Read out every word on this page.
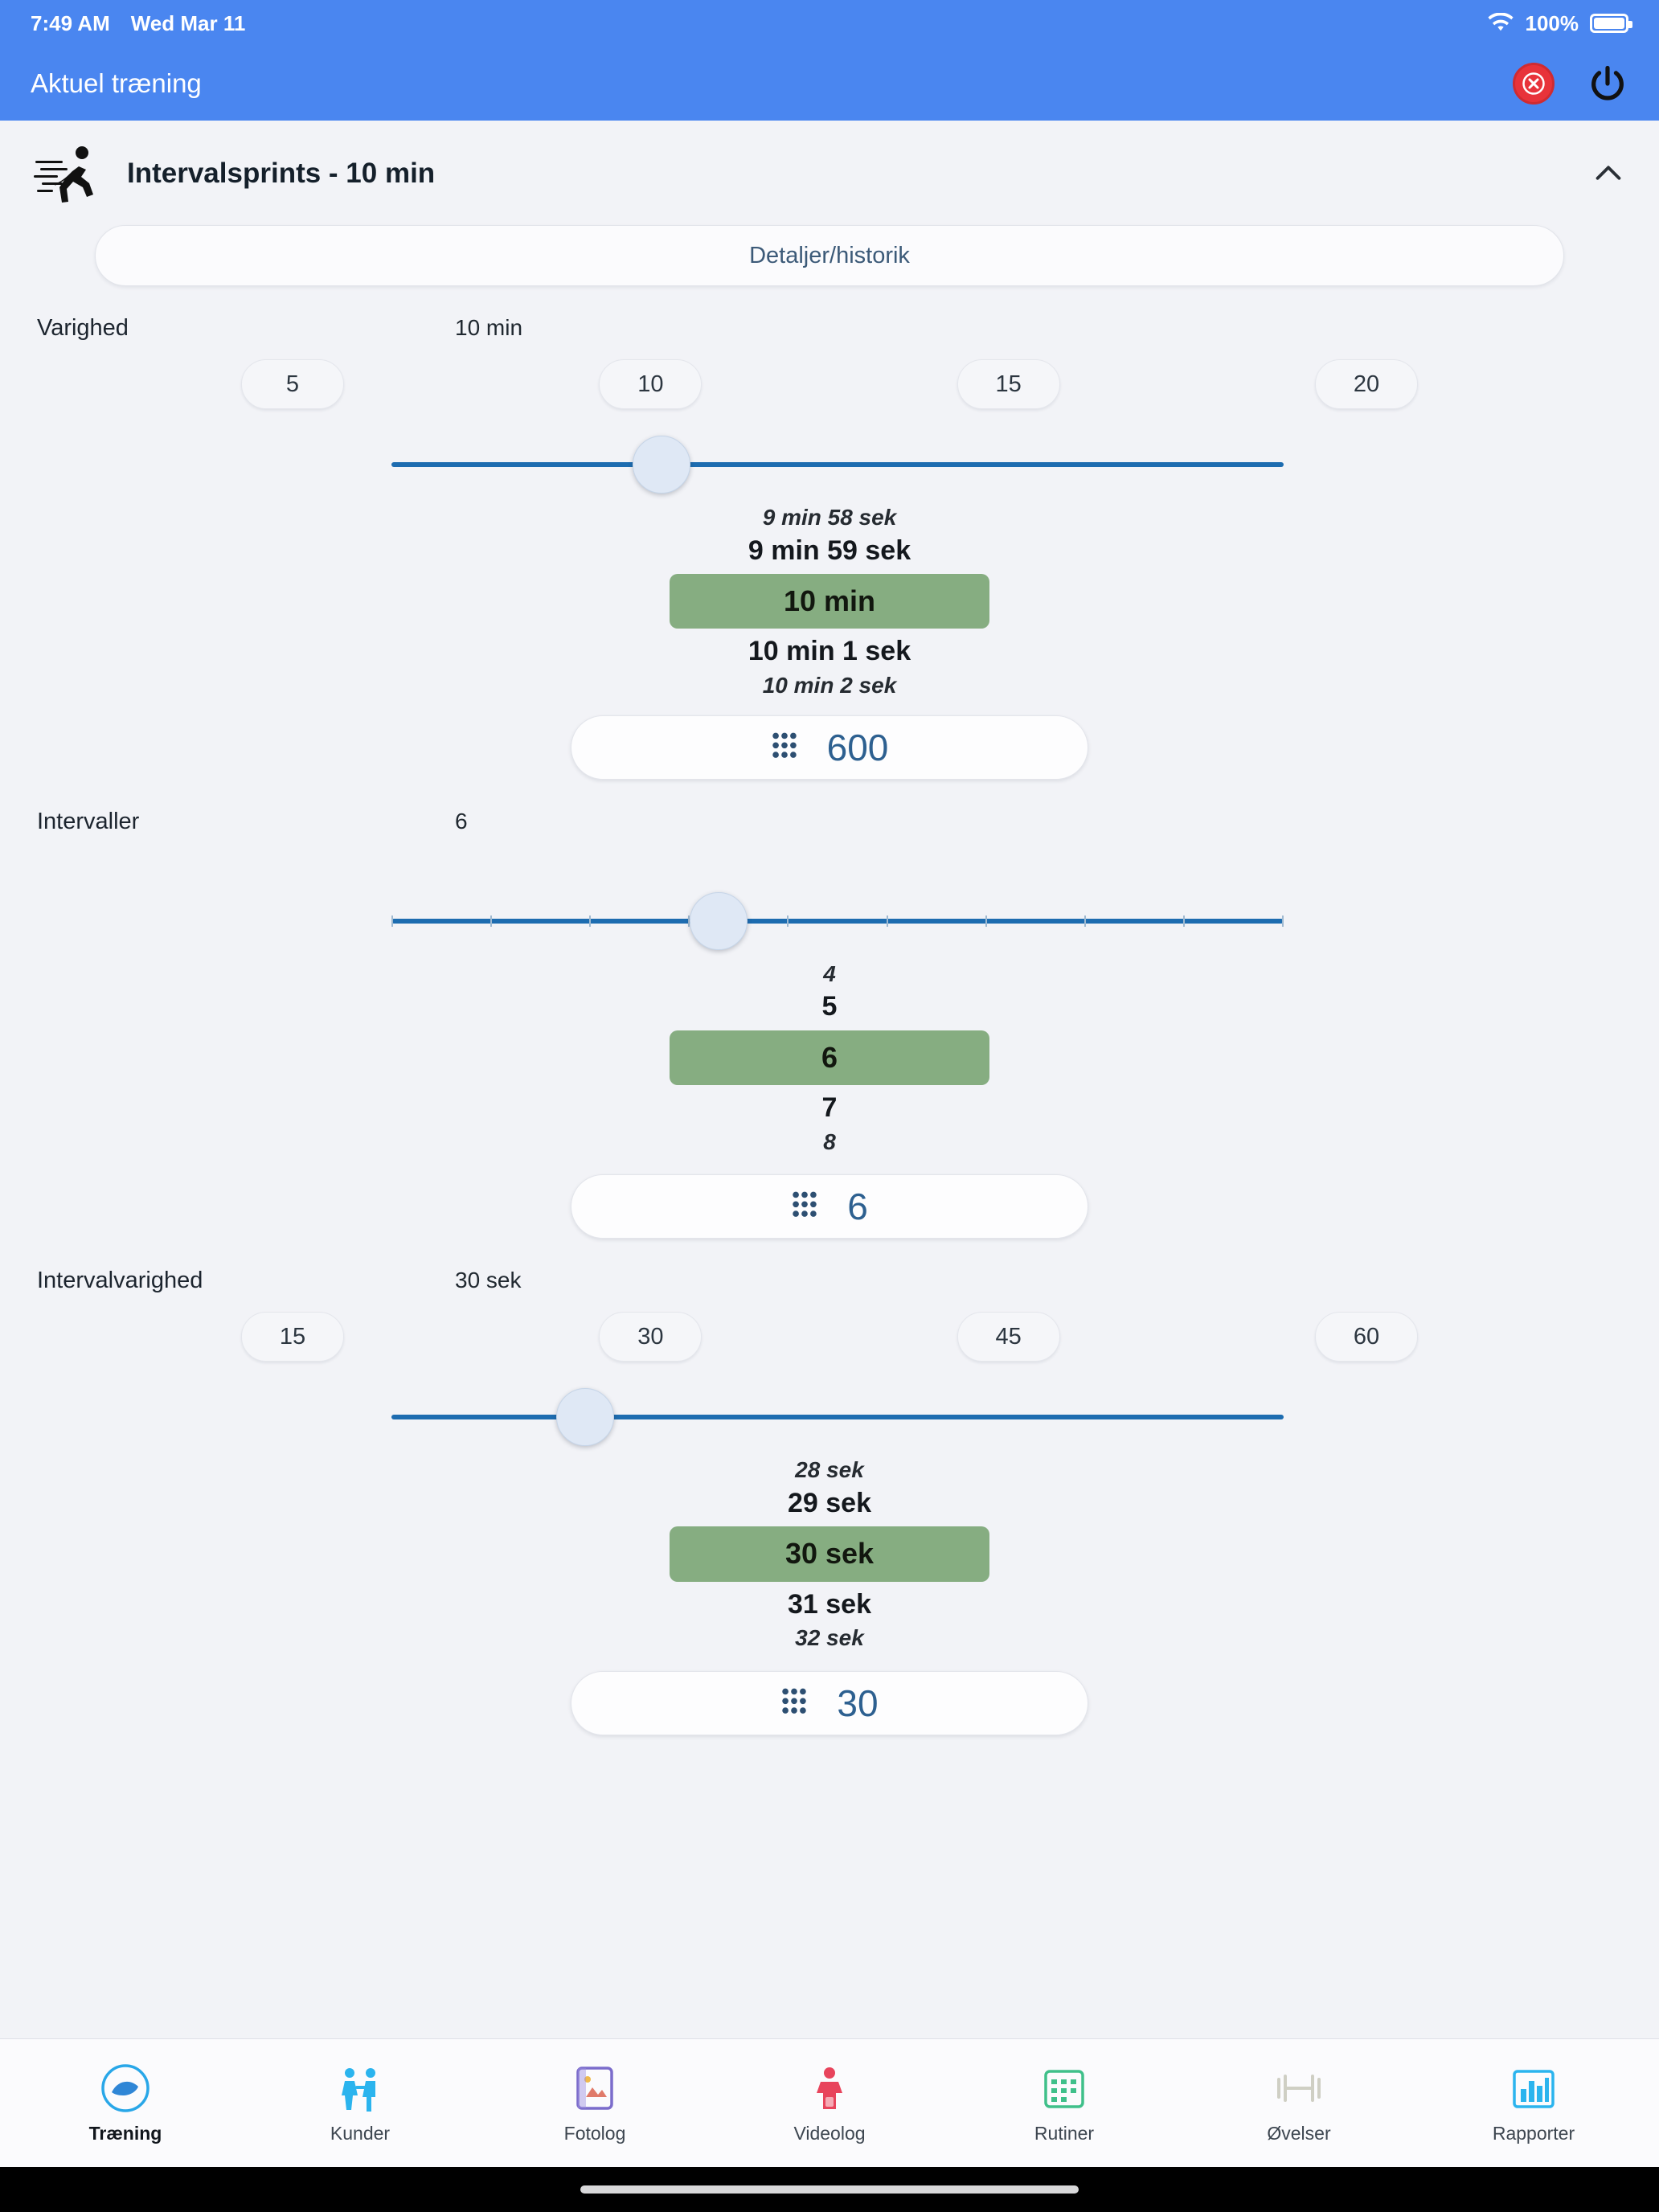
7:49 AM Wed Mar 11	100%
Aktuel træning
Intervalsprints - 10 min
Detaljer/historik
Varighed	10 min
5	10	15	20
9 min 58 sek
9 min 59 sek
10 min
10 min 1 sek
10 min 2 sek
600
Intervaller	6
4
5
6
7
8
6
Intervalvarighed	30 sek
15	30	45	60
28 sek
29 sek
30 sek
31 sek
32 sek
30
Træning	Kunder	Fotolog	Videolog	Rutiner	Øvelser	Rapporter
